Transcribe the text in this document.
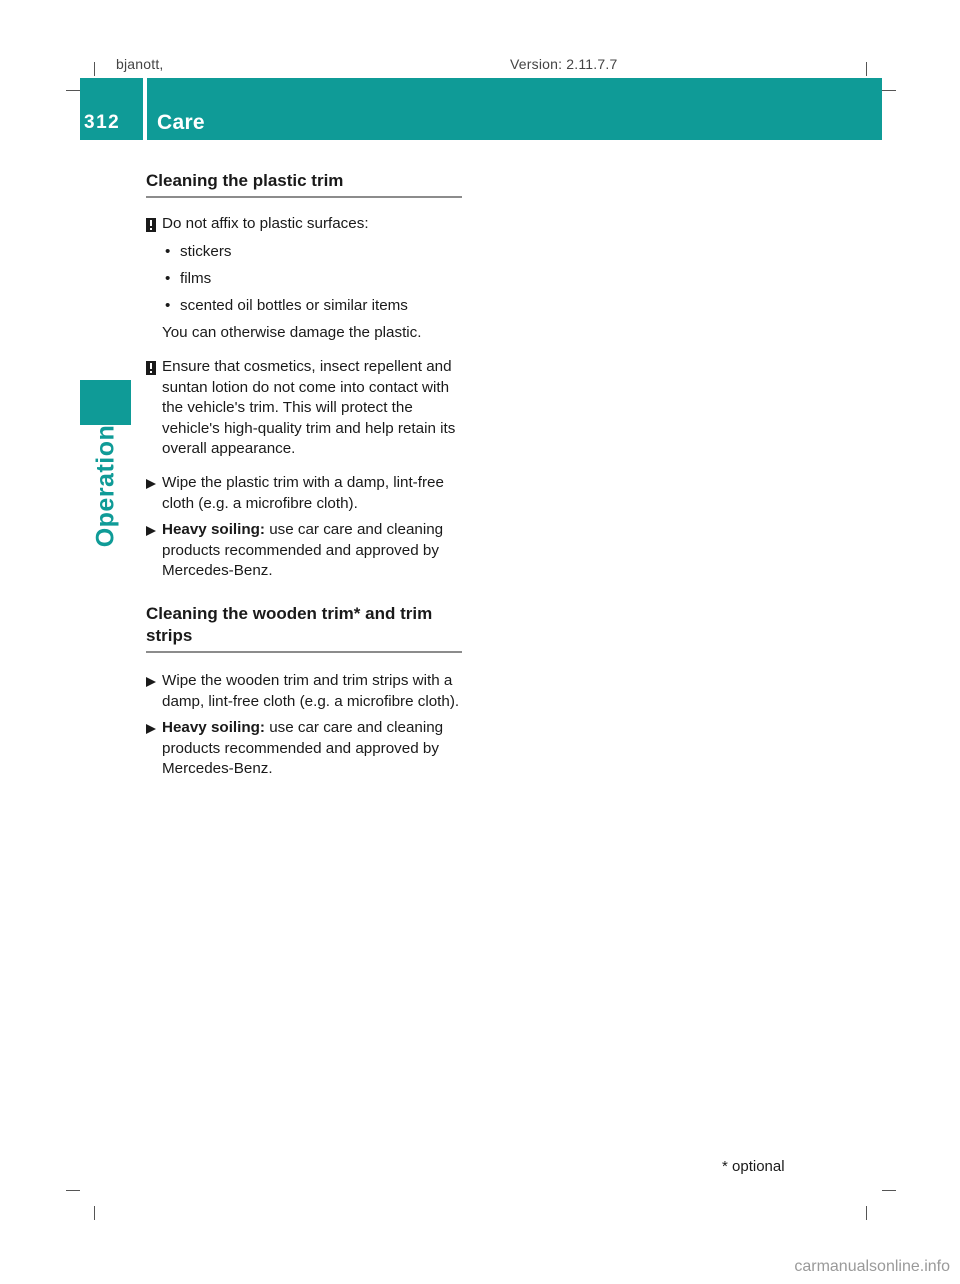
bjanott,	Version: 2.11.7.7
312 Care
Operation
Cleaning the plastic trim
Do not affix to plastic surfaces:
• stickers
• films
• scented oil bottles or similar items
You can otherwise damage the plastic.
Ensure that cosmetics, insect repellent and suntan lotion do not come into contact with the vehicle's trim. This will protect the vehicle's high-quality trim and help retain its overall appearance.
Wipe the plastic trim with a damp, lint-free cloth (e.g. a microfibre cloth).
Heavy soiling: use car care and cleaning products recommended and approved by Mercedes-Benz.
Cleaning the wooden trim* and trim strips
Wipe the wooden trim and trim strips with a damp, lint-free cloth (e.g. a microfibre cloth).
Heavy soiling: use car care and cleaning products recommended and approved by Mercedes-Benz.
* optional
carmanualsonline.info
